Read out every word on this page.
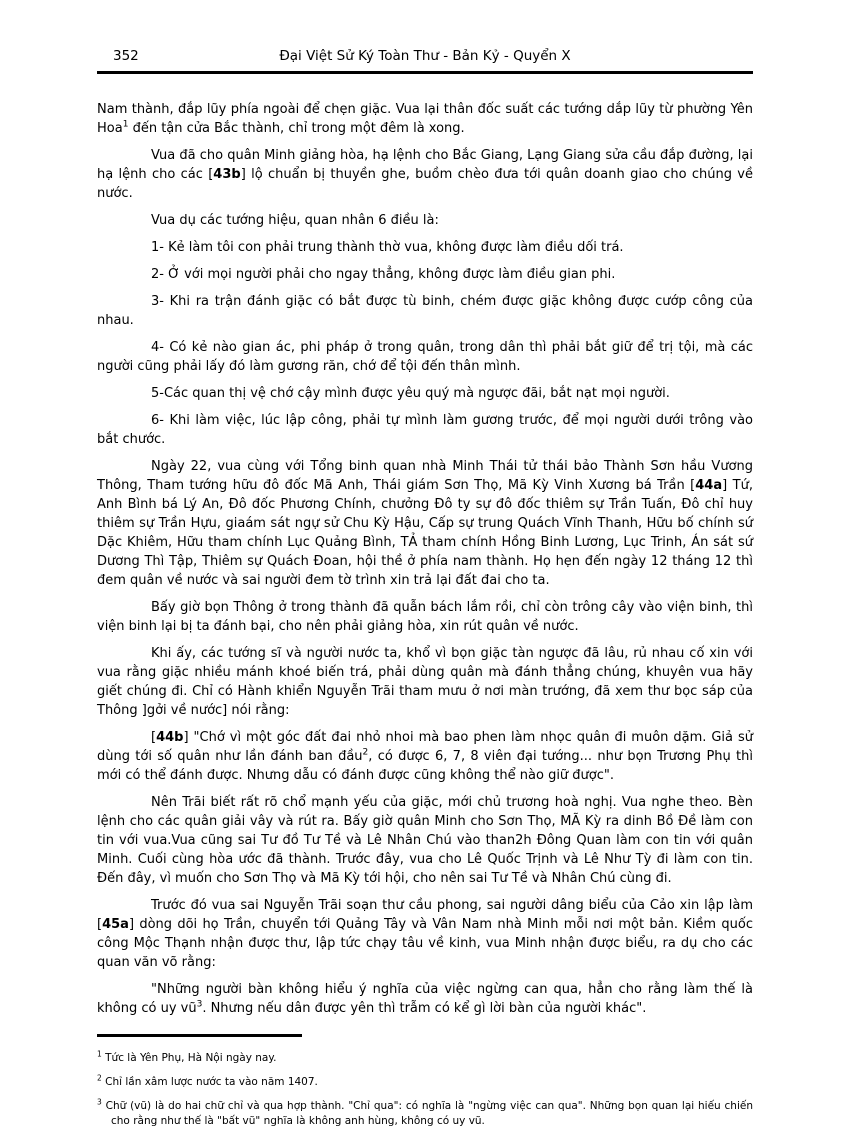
352	Đại Việt Sử Ký Toàn Thư - Bản Kỷ - Quyển X

Nam thành, đắp lũy phía ngoài để chẹn giặc. Vua lại thân đốc suất các tướng dắp lũy từ phường Yên Hoa$^1$ đến tận cửa Bắc thành, chỉ trong một đêm là xong.

Vua đã cho quân Minh giảng hòa, hạ lệnh cho Bắc Giang, Lạng Giang sửa cầu đắp đường, lại hạ lệnh cho các [43b] lộ chuẩn bị thuyền ghe, buồm chèo đưa tới quân doanh giao cho chúng về nước.

Vua dụ các tướng hiệu, quan nhân 6 điều là:

1- Kẻ làm tôi con phải trung thành thờ vua, không được làm điều dối trá.

2- Ở với mọi người phải cho ngay thẳng, không được làm điều gian phi.

3- Khi ra trận đánh giặc có bắt được tù binh, chém được giặc không được cướp công của nhau.

4- Có kẻ nào gian ác, phi pháp ở trong quân, trong dân thì phải bắt giữ để trị tội, mà các người cũng phải lấy đó làm gương răn, chớ để tội đến thân mình.

5-Các quan thị vệ chớ cậy mình được yêu quý mà ngược đãi, bắt nạt mọi người.

6- Khi làm việc, lúc lập công, phải tự mình làm gương trước, để mọi người dưới trông vào bắt chước.

Ngày 22, vua cùng với Tổng binh quan nhà Minh Thái tử thái bảo Thành Sơn hầu Vương Thông, Tham tướng hữu đô đốc Mã Anh, Thái giám Sơn Thọ, Mã Kỳ Vinh Xương bá Trần [44a] Tứ, Anh Bình bá Lý An, Đô đốc Phương Chính, chưởng Đô ty sự đô đốc thiêm sự Trần Tuấn, Đô chỉ huy thiêm sự Trần Hựu, giaám sát ngự sử Chu Kỳ Hậu, Cấp sự trung Quách Vĩnh Thanh, Hữu bố chính sứ Dặc Khiêm, Hữu tham chính Lục Quảng Bình, TẢ tham chính Hồng Binh Lương, Lục Trinh, Án sát sứ Dương Thì Tập, Thiêm sự Quách Đoan, hội thề ở phía nam thành. Họ hẹn đến ngày 12 tháng 12 thì đem quân về nước và sai người đem tờ trình xin trả lại đất đai cho ta.

Bấy giờ bọn Thông ở trong thành đã quẫn bách lắm rồi, chỉ còn trông cây vào viện binh, thì viện binh lại bị ta đánh bại, cho nên phải giảng hòa, xin rút quân về nước.

Khi ấy, các tướng sĩ và người nước ta, khổ vì bọn giặc tàn ngược đã lâu, rủ nhau cố xin với vua rằng giặc nhiều mánh khoé biến trá, phải dùng quân mà đánh thẳng chúng, khuyên vua hãy giết chúng đi. Chỉ có Hành khiển Nguyễn Trãi tham mưu ở nơi màn trướng, đã xem thư bọc sáp của Thông ]gởi về nước] nói rằng:

[44b] "Chớ vì một góc đất đai nhỏ nhoi mà bao phen làm nhọc quân đi muôn dặm. Giả sử dùng tới số quân như lần đánh ban đầu$^2$, có được 6, 7, 8 viên đại tướng... như bọn Trương Phụ thì mới có thể đánh được. Nhưng dẫu có đánh được cũng không thể nào giữ được".

Nên Trãi biết rất rõ chổ mạnh yếu của giặc, mới chủ trương hoà nghị. Vua nghe theo. Bèn lệnh cho các quân giải vây và rút ra. Bấy giờ quân Minh cho Sơn Thọ, MÃ Kỳ ra dinh Bồ Đề làm con tin với vua.Vua cũng sai Tư đồ Tư Tề và Lê Nhân Chú vào than2h Đông Quan làm con tin với quân Minh. Cuối cùng hòa ước đã thành. Trước đây, vua cho Lê Quốc Trịnh và Lê Như Tỳ đi làm con tin. Đến đây, vì muốn cho Sơn Thọ và Mã Kỳ tới hội, cho nên sai Tư Tề và Nhân Chú cùng đi.

Trước đó vua sai Nguyễn Trãi soạn thư cầu phong, sai người dâng biểu của Cảo xin lập làm [45a] dòng dõi họ Trần, chuyển tới Quảng Tây và Vân Nam nhà Minh mỗi nơi một bản. Kiềm quốc công Mộc Thạnh nhận được thư, lập tức chạy tâu về kinh, vua Minh nhận được biểu, ra dụ cho các quan văn võ rằng:

"Những người bàn không hiểu ý nghĩa của việc ngừng can qua, hẳn cho rằng làm thế là không có uy $vũ^3$. Nhưng nếu dân được yên thì trẫm có kể gì lời bàn của người khác".

$^1$ Tức là Yên Phụ, Hà Nội ngày nay.
$^2$ Chỉ lần xâm lược nước ta vào năm 1407.
$^3$ Chữ (vũ) là do hai chữ chỉ và qua hợp thành. "Chỉ qua": có nghĩa là "ngừng việc can qua". Những bọn quan lại hiếu chiến cho rằng như thế là "bất vũ" nghĩa là không anh hùng, không có uy vũ.
